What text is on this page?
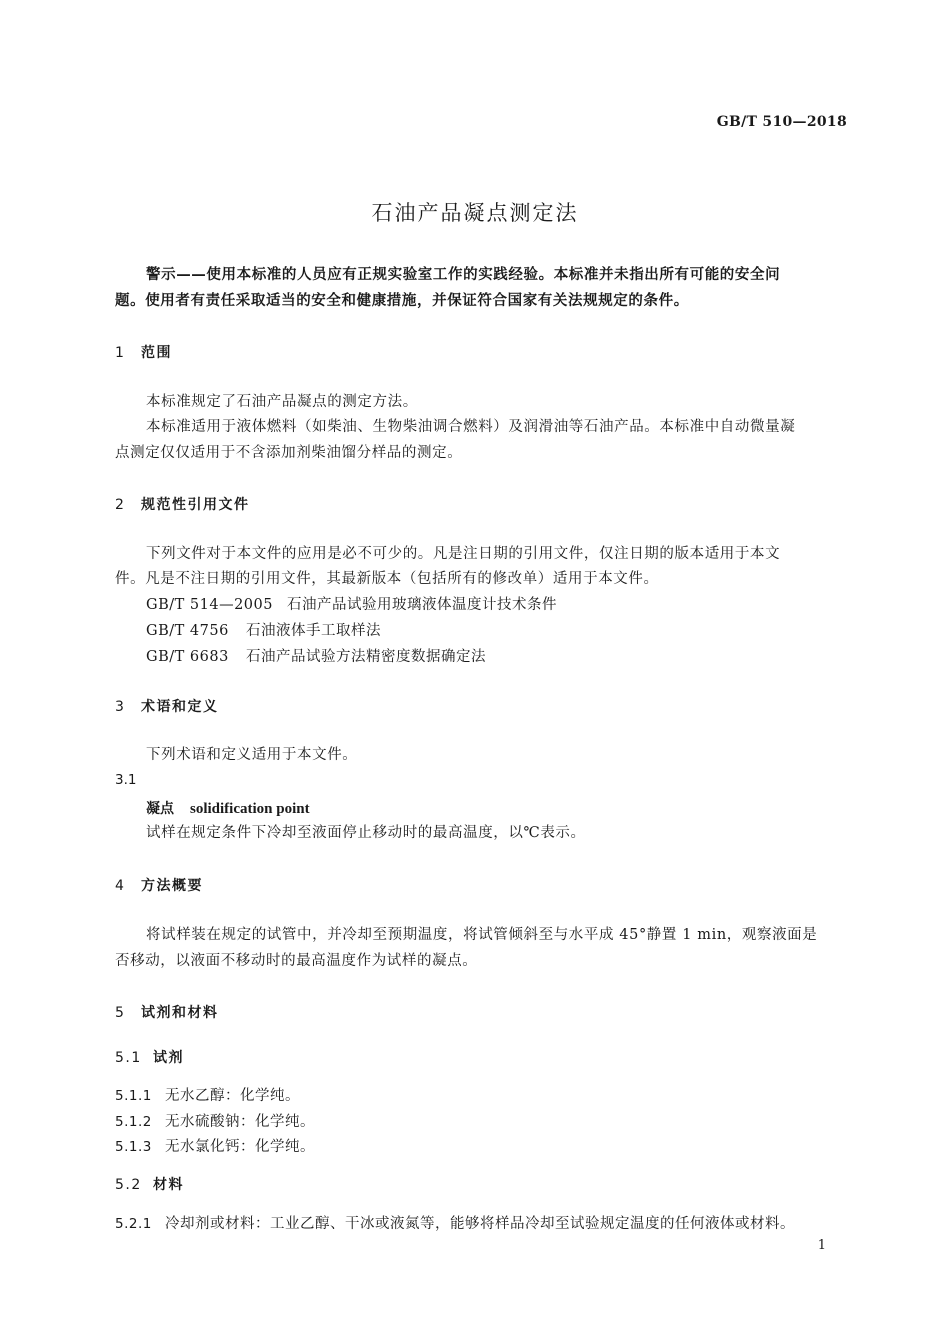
GB/T 510—2018
石油产品凝点测定法
警示——使用本标准的人员应有正规实验室工作的实践经验。本标准并未指出所有可能的安全问
题。使用者有责任采取适当的安全和健康措施，并保证符合国家有关法规规定的条件。
1 范围
本标准规定了石油产品凝点的测定方法。
本标准适用于液体燃料（如柴油、生物柴油调合燃料）及润滑油等石油产品。本标准中自动微量凝
点测定仅仅适用于不含添加剂柴油馏分样品的测定。
2 规范性引用文件
下列文件对于本文件的应用是必不可少的。凡是注日期的引用文件，仅注日期的版本适用于本文
件。凡是不注日期的引用文件，其最新版本（包括所有的修改单）适用于本文件。
GB/T 514—2005 石油产品试验用玻璃液体温度计技术条件
GB/T 4756 石油液体手工取样法
GB/T 6683 石油产品试验方法精密度数据确定法
3 术语和定义
下列术语和定义适用于本文件。
3.1
凝点 solidification point
试样在规定条件下冷却至液面停止移动时的最高温度，以℃表示。
4 方法概要
将试样装在规定的试管中，并冷却至预期温度，将试管倾斜至与水平成 45°静置 1 min，观察液面是
否移动，以液面不移动时的最高温度作为试样的凝点。
5 试剂和材料
5.1 试剂
5.1.1 无水乙醇：化学纯。
5.1.2 无水硫酸钠：化学纯。
5.1.3 无水氯化钙：化学纯。
5.2 材料
5.2.1 冷却剂或材料：工业乙醇、干冰或液氮等，能够将样品冷却至试验规定温度的任何液体或材料。
1
